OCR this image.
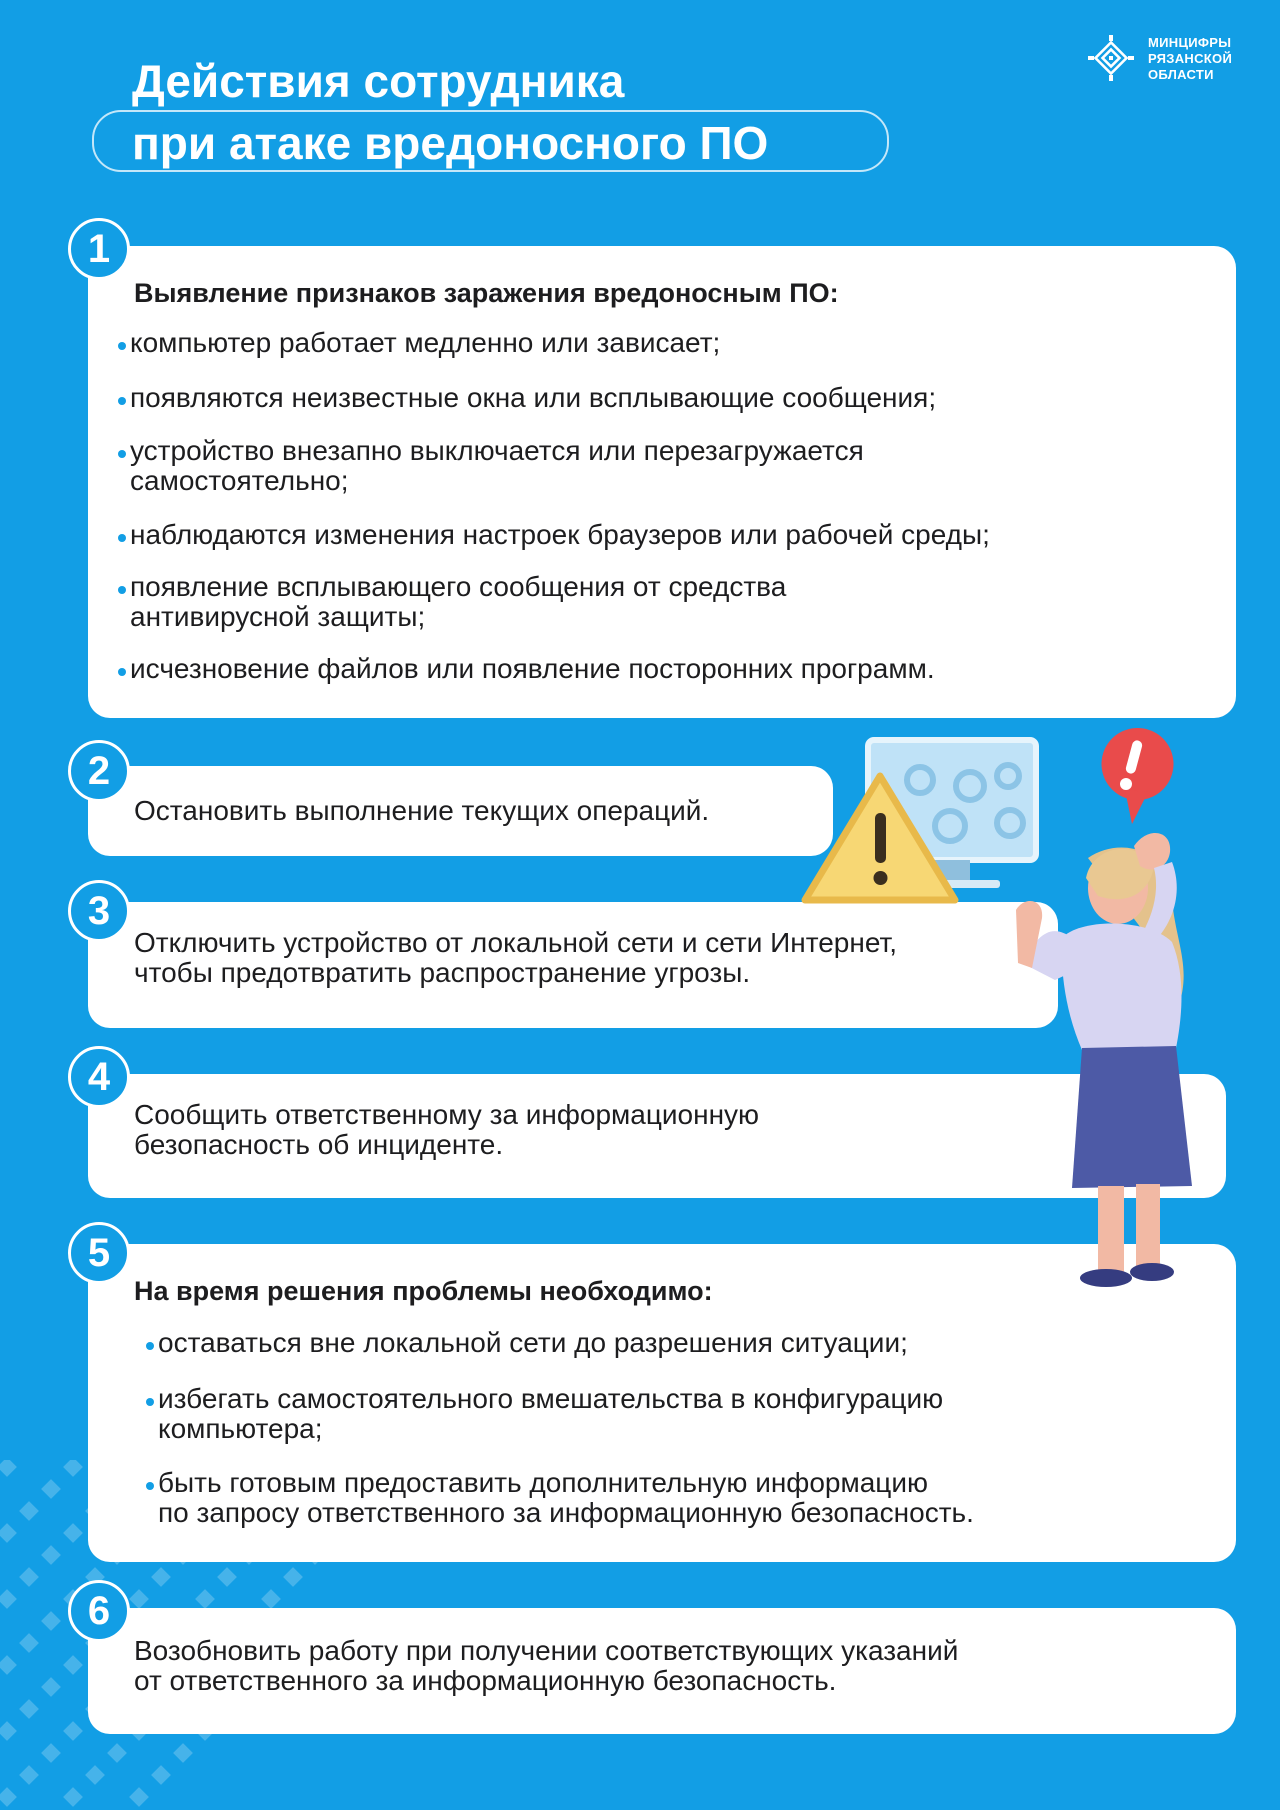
Действия сотрудника
при атаке вредоносного ПО
МИНЦИФРЫ
РЯЗАНСКОЙ
ОБЛАСТИ
Выявление признаков заражения вредоносным ПО:
компьютер работает медленно или зависает;
появляются неизвестные окна или всплывающие сообщения;
устройство внезапно выключается или перезагружается
самостоятельно;
наблюдаются изменения настроек браузеров или рабочей среды;
появление всплывающего сообщения от средства
антивирусной защиты;
исчезновение файлов или появление посторонних программ.
1
Остановить выполнение текущих операций.
2
Отключить устройство от локальной сети и сети Интернет,
чтобы предотвратить распространение угрозы.
3
Сообщить ответственному за информационную
безопасность об инциденте.
4
На время решения проблемы необходимо:
оставаться вне локальной сети до разрешения ситуации;
избегать самостоятельного вмешательства в конфигурацию
компьютера;
быть готовым предоставить дополнительную информацию
по запросу ответственного за информационную безопасность.
5
Возобновить работу при получении соответствующих указаний
от ответственного за информационную безопасность.
6
